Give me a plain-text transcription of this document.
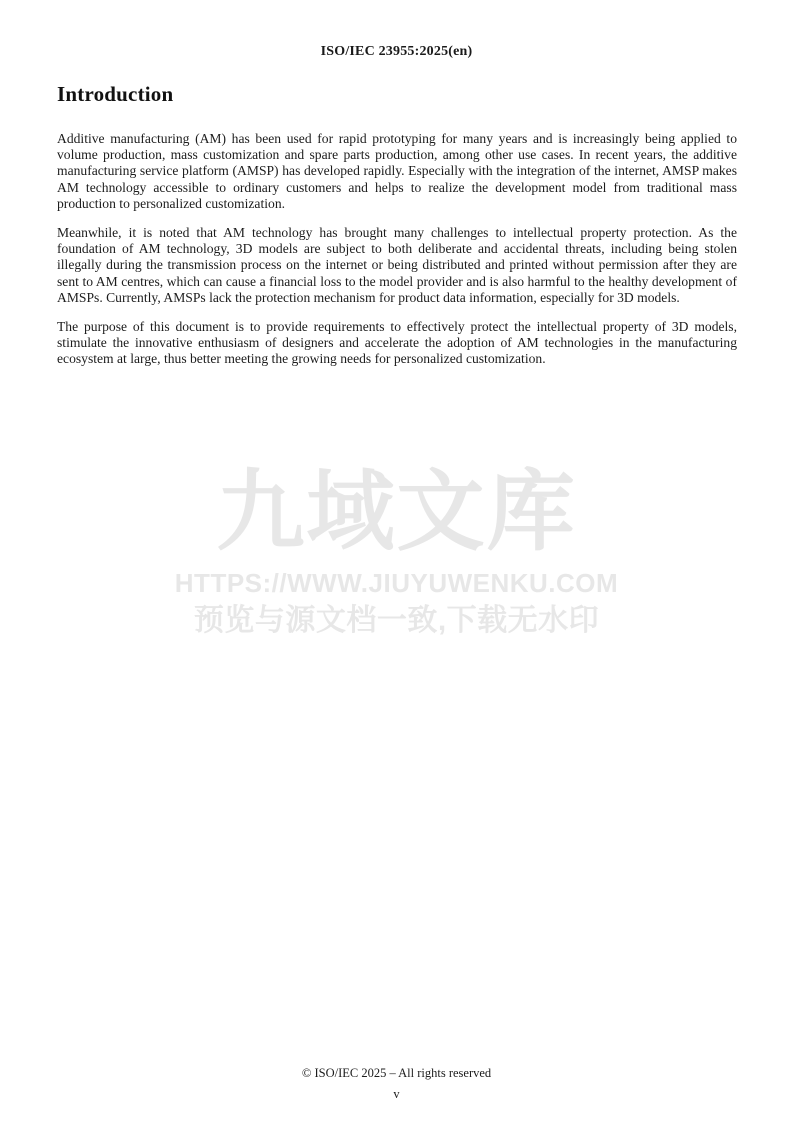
ISO/IEC 23955:2025(en)
Introduction

Additive manufacturing (AM) has been used for rapid prototyping for many years and is increasingly being applied to volume production, mass customization and spare parts production, among other use cases. In recent years, the additive manufacturing service platform (AMSP) has developed rapidly. Especially with the integration of the internet, AMSP makes AM technology accessible to ordinary customers and helps to realize the development model from traditional mass production to personalized customization.

Meanwhile, it is noted that AM technology has brought many challenges to intellectual property protection. As the foundation of AM technology, 3D models are subject to both deliberate and accidental threats, including being stolen illegally during the transmission process on the internet or being distributed and printed without permission after they are sent to AM centres, which can cause a financial loss to the model provider and is also harmful to the healthy development of AMSPs. Currently, AMSPs lack the protection mechanism for product data information, especially for 3D models.

The purpose of this document is to provide requirements to effectively protect the intellectual property of 3D models, stimulate the innovative enthusiasm of designers and accelerate the adoption of AM technologies in the manufacturing ecosystem at large, thus better meeting the growing needs for personalized customization.

九域文库
HTTPS://WWW.JIUYUWENKU.COM
预览与源文档一致,下载无水印
© ISO/IEC 2025 – All rights reserved
v
